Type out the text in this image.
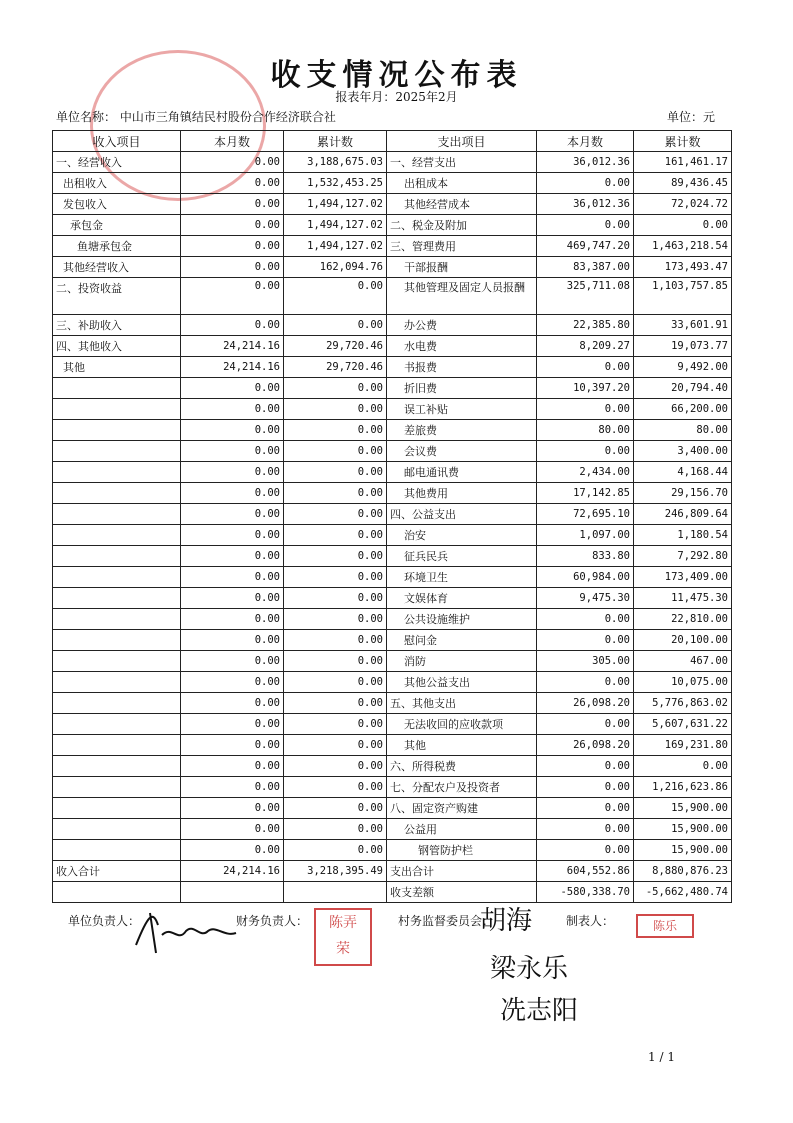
收支情况公布表
报表年月：2025年2月
单位名称： 中山市三角镇结民村股份合作经济联合社	单位：元
收入项目	本月数	累计数	支出项目	本月数	累计数
一、经营收入	0.00	3,188,675.03	一、经营支出	36,012.36	161,461.17
出租收入	0.00	1,532,453.25	出租成本	0.00	89,436.45
发包收入	0.00	1,494,127.02	其他经营成本	36,012.36	72,024.72
承包金	0.00	1,494,127.02	二、税金及附加	0.00	0.00
鱼塘承包金	0.00	1,494,127.02	三、管理费用	469,747.20	1,463,218.54
其他经营收入	0.00	162,094.76	干部报酬	83,387.00	173,493.47
二、投资收益	0.00	0.00	其他管理及固定人员报酬	325,711.08	1,103,757.85
三、补助收入	0.00	0.00	办公费	22,385.80	33,601.91
四、其他收入	24,214.16	29,720.46	水电费	8,209.27	19,073.77
其他	24,214.16	29,720.46	书报费	0.00	9,492.00
	0.00	0.00	折旧费	10,397.20	20,794.40
	0.00	0.00	误工补贴	0.00	66,200.00
	0.00	0.00	差旅费	80.00	80.00
	0.00	0.00	会议费	0.00	3,400.00
	0.00	0.00	邮电通讯费	2,434.00	4,168.44
	0.00	0.00	其他费用	17,142.85	29,156.70
	0.00	0.00	四、公益支出	72,695.10	246,809.64
	0.00	0.00	治安	1,097.00	1,180.54
	0.00	0.00	征兵民兵	833.80	7,292.80
	0.00	0.00	环境卫生	60,984.00	173,409.00
	0.00	0.00	文娱体育	9,475.30	11,475.30
	0.00	0.00	公共设施维护	0.00	22,810.00
	0.00	0.00	慰问金	0.00	20,100.00
	0.00	0.00	消防	305.00	467.00
	0.00	0.00	其他公益支出	0.00	10,075.00
	0.00	0.00	五、其他支出	26,098.20	5,776,863.02
	0.00	0.00	无法收回的应收款项	0.00	5,607,631.22
	0.00	0.00	其他	26,098.20	169,231.80
	0.00	0.00	六、所得税费	0.00	0.00
	0.00	0.00	七、分配农户及投资者	0.00	1,216,623.86
	0.00	0.00	八、固定资产购建	0.00	15,900.00
	0.00	0.00	公益用	0.00	15,900.00
	0.00	0.00	钢管防护栏	0.00	15,900.00
收入合计	24,214.16	3,218,395.49	支出合计	604,552.86	8,880,876.23
			收支差额	-580,338.70	-5,662,480.74
单位负责人：	财务负责人：	村务监督委员会：	制表人：
陈弄
荣
胡海
梁永乐
冼志阳
陈乐
1 / 1
